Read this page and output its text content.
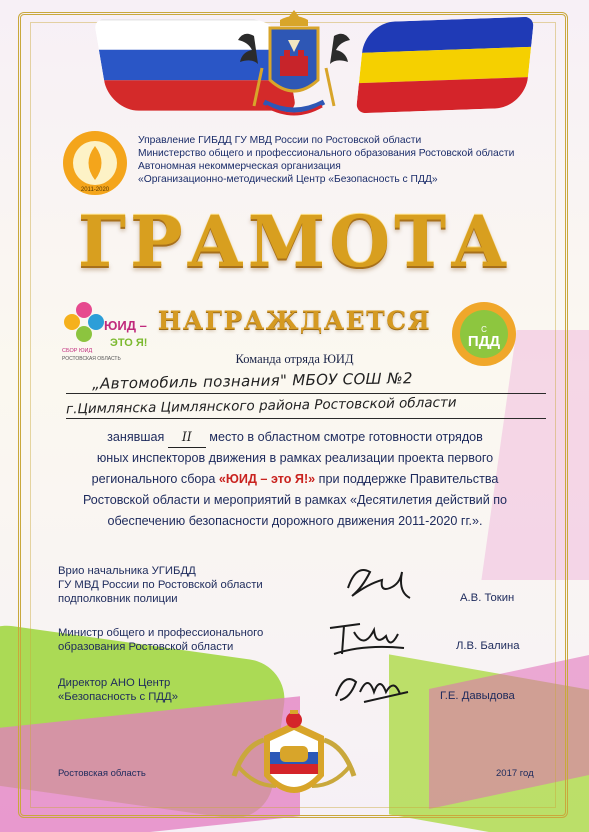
2011-2020
Управление ГИБДД ГУ МВД России по Ростовской области
Министерство общего и профессионального образования Ростовской области
Автономная некоммерческая организация
«Организационно-методический Центр «Безопасность с ПДД»
ГРАМОТА
НАГРАЖДАЕТСЯ
ЮИД –
ЭТО Я!
СБОР ЮИД
РОСТОВСКАЯ ОБЛАСТЬ
С
ПДД
Команда отряда ЮИД
„Автомобиль познания" МБОУ СОШ №2
г.Цимлянска Цимлянского района Ростовской области
занявшая II место в областном смотре готовности отрядов
юных инспекторов движения в рамках реализации проекта первого
регионального сбора «ЮИД – это Я!» при поддержке Правительства
Ростовской области и мероприятий в рамках «Десятилетия действий по
обеспечению безопасности дорожного движения 2011-2020 гг.».
Врио начальника УГИБДД
ГУ МВД России по Ростовской области
подполковник полиции	А.В. Токин
Министр общего и профессионального
образования Ростовской области	Л.В. Балина
Директор АНО Центр
«Безопасность с ПДД»	Г.Е. Давыдова
Ростовская область	2017 год
